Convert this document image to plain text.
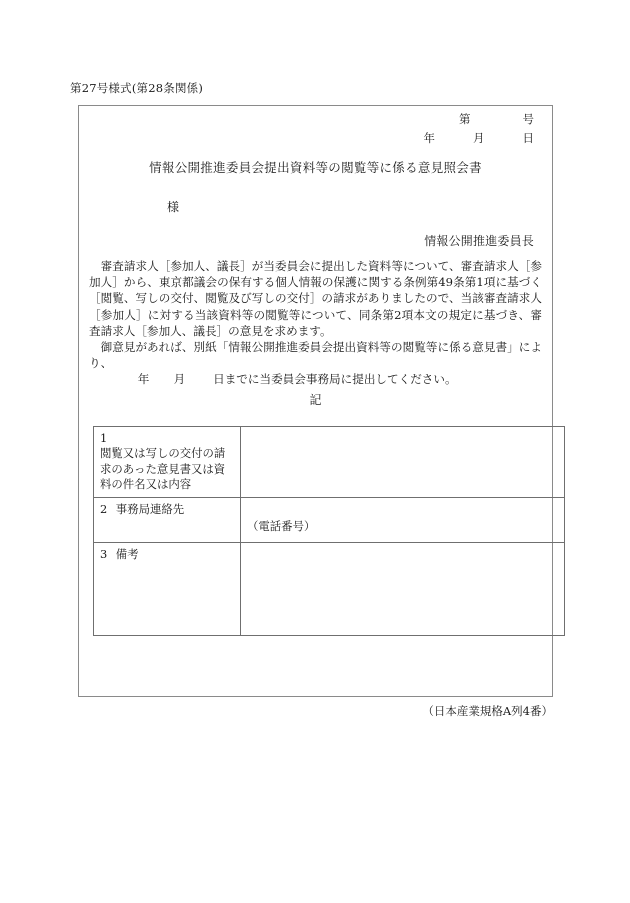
第27号様式(第28条関係)
第	号
年	月	日
情報公開推進委員会提出資料等の閲覧等に係る意見照会書
様
情報公開推進委員長

審査請求人［参加人、議長］が当委員会に提出した資料等について、審査請求人［参加人］から、東京都議会の保有する個人情報の保護に関する条例第49条第1項に基づく［閲覧、写しの交付、閲覧及び写しの交付］の請求がありましたので、当該審査請求人［参加人］に対する当該資料等の閲覧等について、同条第2項本文の規定に基づき、審査請求人［参加人、議長］の意見を求めます。

御意見があれば、別紙「情報公開推進委員会提出資料等の閲覧等に係る意見書」により、

年 月 日までに当委員会事務局に提出してください。

記
1閲覧又は写しの交付の請求のあった意見書又は資料の件名又は内容	
2 事務局連絡先	（電話番号）

3 備考	
（日本産業規格A列4番）
